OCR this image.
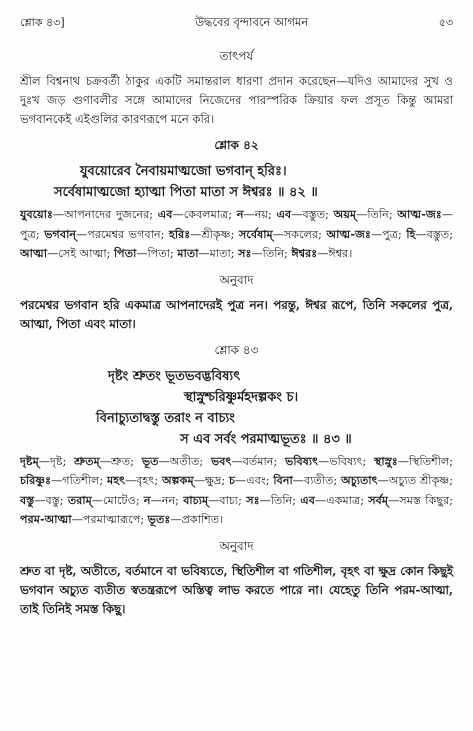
শ্লোক ৪৩]	উদ্ধবের বৃন্দাবনে আগমন	৫৩
তাৎপর্য

শ্রীল বিশ্বনাথ চক্রবর্তী ঠাকুর একটি সমান্তরাল ধারণা প্রদান করেছেন—যদিও আমাদের সুখ ও দুঃখ জড় গুণাবলীর সঙ্গে আমাদের নিজেদের পারস্পরিক ক্রিয়ার ফল প্রসূত কিন্তু আমরা ভগবানকেই এইগুলির কারণরূপে মনে করি।

শ্লোক ৪২
যুবয়োরেব নৈবায়মাত্মজো ভগবান্ হরিঃ।
সর্বেষামাত্মজো হ্যাত্মা পিতা মাতা স ঈশ্বরঃ ॥ ৪২ ॥

যুবয়োঃ—আপনাদের দুজনের; এব—কেবলমাত্র; ন—নয়; এব—বস্তুত; অয়ম্—তিনি; আত্ম-জঃ—পুত্র; ভগবান্—পরমেশ্বর ভগবান; হরিঃ—শ্রীকৃষ্ণ; সর্বেষাম্—সকলের; আত্ম-জঃ—পুত্র; হি—বস্তুত; আত্মা—সেই আত্মা; পিতা—পিতা; মাতা—মাতা; সঃ—তিনি; ঈশ্বরঃ—ঈশ্বর।

অনুবাদ

পরমেশ্বর ভগবান হরি একমাত্র আপনাদেরই পুত্র নন। পরন্তু, ঈশ্বর রূপে, তিনি সকলের পুত্র, আত্মা, পিতা এবং মাতা।

শ্লোক ৪৩
দৃষ্টং শ্রুতং ভূতভবদ্ভবিষ্যৎ
স্থাস্নুশ্চরিষ্ণুর্মহদল্পকং চ।
বিনাচ্যুতাদ্বস্তু তরাং ন বাচ্যং
স এব সর্বং পরমাত্মভূতঃ ॥ ৪৩ ॥

দৃষ্টম্—দৃষ্ট; শ্রুতম্—শ্রুত; ভূত—অতীত; ভবৎ—বর্তমান; ভবিষ্যৎ—ভবিষ্যৎ; স্থাস্নুঃ—স্থিতিশীল; চরিষ্ণুঃ—গতিশীল; মহৎ—বৃহৎ; অল্পকম্—ক্ষুদ্র; চ—এবং; বিনা—ব্যতীত; অচ্যুতাৎ—অচ্যুত শ্রীকৃষ্ণ; বস্তু—বস্তু; তরাম্—মোটেও; ন—নন; বাচ্যম্—বাচ্য; সঃ—তিনি; এব—একমাত্র; সর্বম্—সমস্ত কিছুর; পরম-আত্মা—পরমাত্মারূপে; ভূতঃ—প্রকাশিত।

অনুবাদ

শ্রুত বা দৃষ্ট, অতীতে, বর্তমানে বা ভবিষ্যতে, স্থিতিশীল বা গতিশীল, বৃহৎ বা ক্ষুদ্র কোন কিছুই ভগবান অচ্যুত ব্যতীত স্বতন্ত্ররূপে অস্তিত্ব লাভ করতে পারে না। যেহেতু তিনি পরম-আত্মা, তাই তিনিই সমস্ত কিছু।
